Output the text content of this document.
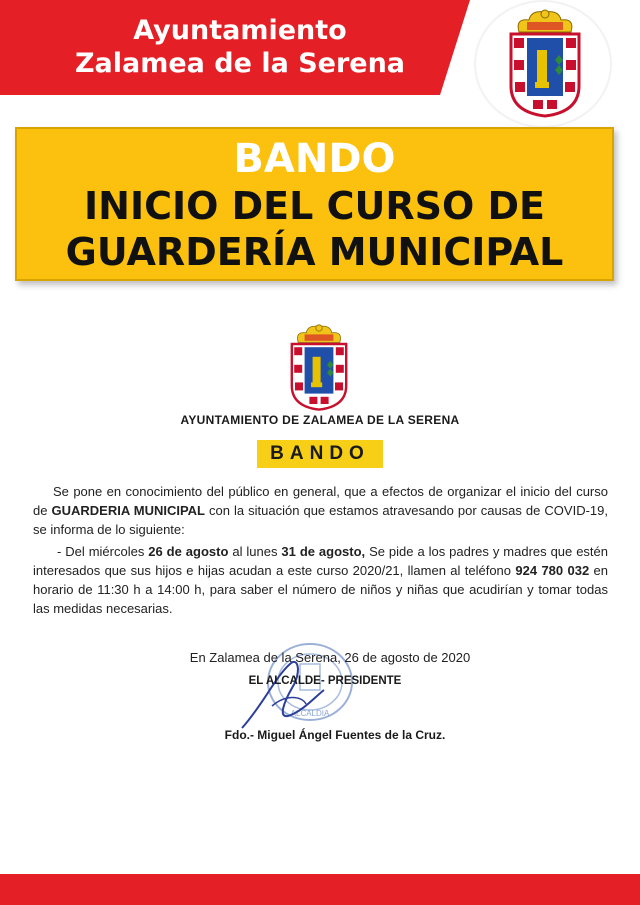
Ayuntamiento
Zalamea de la Serena
BANDO
INICIO DEL CURSO DE
GUARDERÍA MUNICIPAL
AYUNTAMIENTO DE ZALAMEA DE LA SERENA
BANDO
Se pone en conocimiento del público en general, que a efectos de organizar el inicio del curso de GUARDERIA MUNICIPAL con la situación que estamos atravesando por causas de COVID-19, se informa de lo siguiente:
- Del miércoles 26 de agosto al lunes 31 de agosto, Se pide a los padres y madres que estén interesados que sus hijos e hijas acudan a este curso 2020/21, llamen al teléfono 924 780 032 en horario de 11:30 h a 14:00 h, para saber el número de niños y niñas que acudirían y tomar todas las medidas necesarias.
ALCALDIA
En Zalamea de la Serena, 26 de agosto de 2020
EL ALCALDE- PRESIDENTE
Fdo.- Miguel Ángel Fuentes de la Cruz.
